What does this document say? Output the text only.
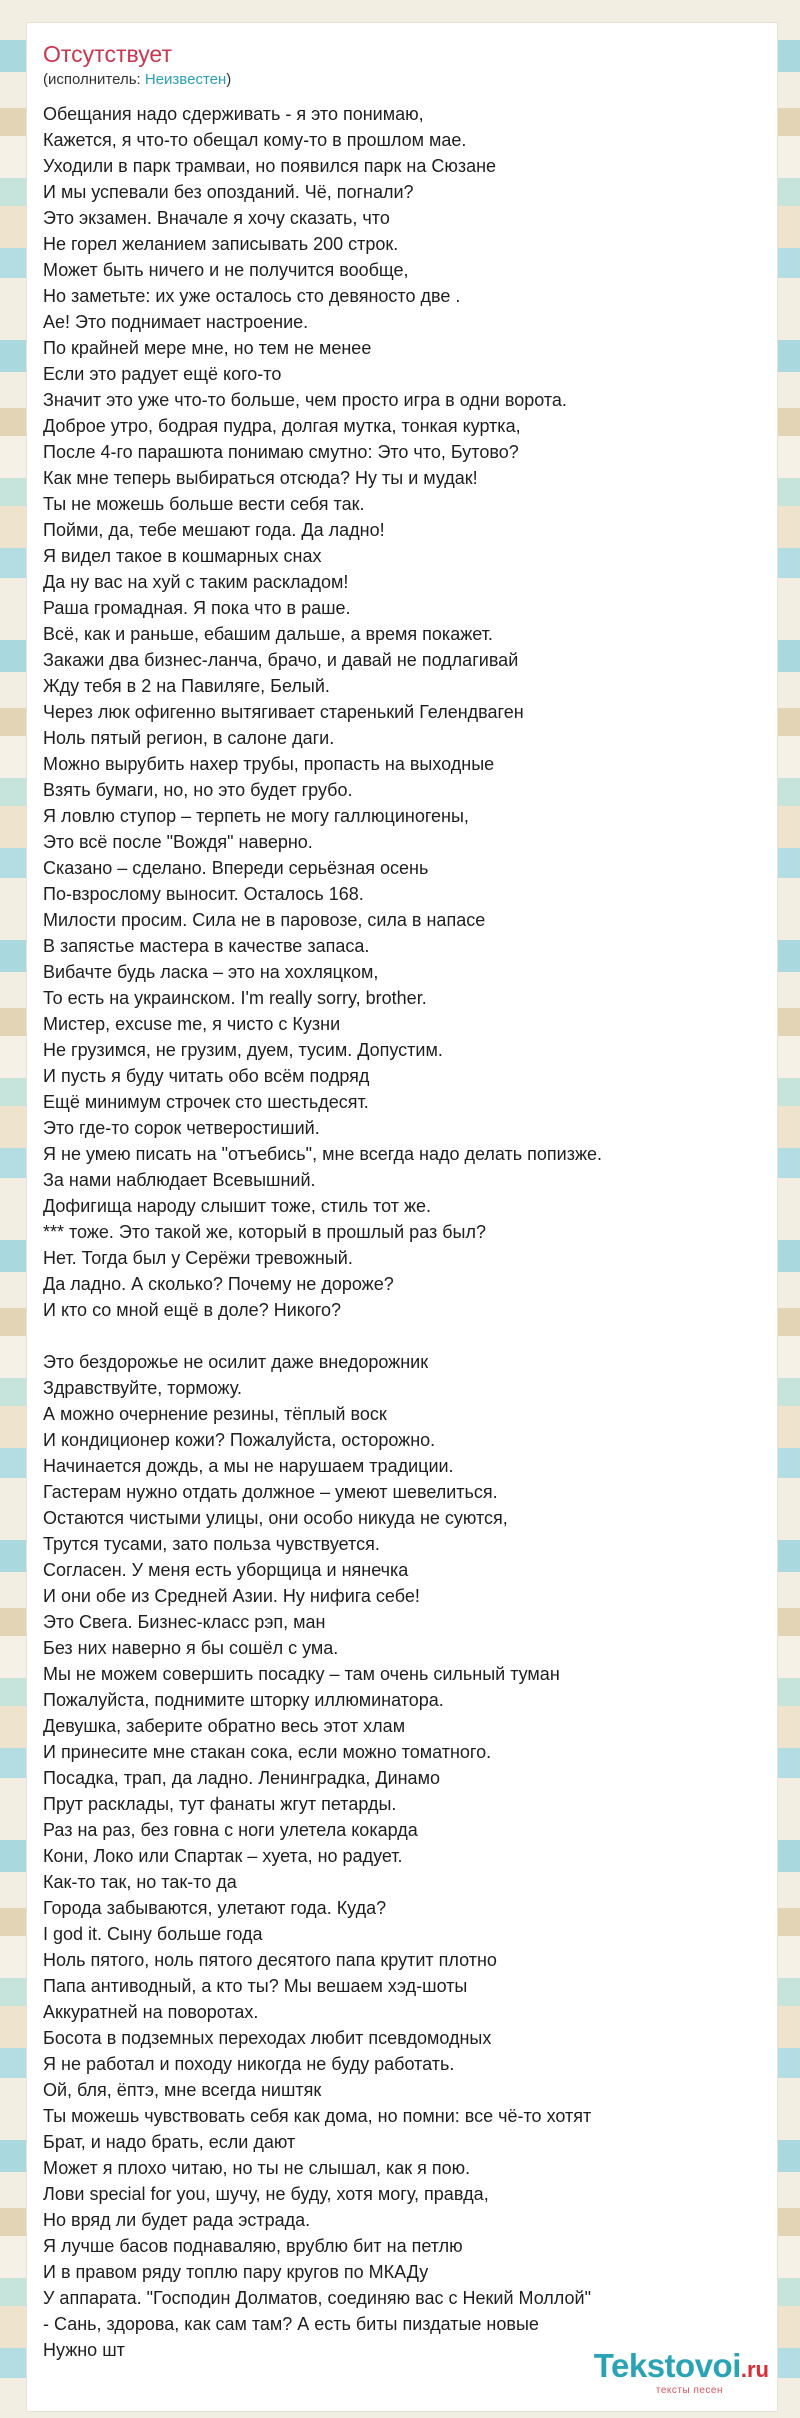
Отсутствует
(исполнитель: Неизвестен)
Обещания надо сдерживать - я это понимаю,
Кажется, я что-то обещал кому-то в прошлом мае.
Уходили в парк трамваи, но появился парк на Сюзане
И мы успевали без опозданий. Чё, погнали?
Это экзамен. Вначале я хочу сказать, что
Не горел желанием записывать 200 строк.
Может быть ничего и не получится вообще,
Но заметьте: их уже осталось сто девяносто две .
Ае! Это поднимает настроение.
По крайней мере мне, но тем не менее
Если это радует ещё кого-то
Значит это уже что-то больше, чем просто игра в одни ворота.
Доброе утро, бодрая пудра, долгая мутка, тонкая куртка,
После 4-го парашюта понимаю смутно: Это что, Бутово?
Как мне теперь выбираться отсюда? Ну ты и мудак!
Ты не можешь больше вести себя так.
Пойми, да, тебе мешают года. Да ладно!
Я видел такое в кошмарных снах
Да ну вас на хуй с таким раскладом!
Раша громадная. Я пока что в раше.
Всё, как и раньше, ебашим дальше, а время покажет.
Закажи два бизнес-ланча, брачо, и давай не подлагивай
Жду тебя в 2 на Павиляге, Белый.
Через люк офигенно вытягивает старенький Гелендваген
Ноль пятый регион, в салоне даги.
Можно вырубить нахер трубы, пропасть на выходные
Взять бумаги, но, но это будет грубо.
Я ловлю ступор – терпеть не могу галлюциногены,
Это всё после "Вождя" наверно.
Сказано – сделано. Впереди серьёзная осень
По-взрослому выносит. Осталось 168.
Милости просим. Сила не в паровозе, сила в напасе
В запястье мастера в качестве запаса.
Вибачте будь ласка – это на хохляцком,
То есть на украинском. I'm really sorry, brother.
Мистер, excuse me, я чисто с Кузни
Не грузимся, не грузим, дуем, тусим. Допустим.
И пусть я буду читать обо всём подряд
Ещё минимум строчек сто шестьдесят.
Это где-то сорок четверостиший.
Я не умею писать на "отъебись", мне всегда надо делать попизже.
За нами наблюдает Всевышний.
Дофигища народу слышит тоже, стиль тот же.
*** тоже. Это такой же, который в прошлый раз был?
Нет. Тогда был у Серёжи тревожный.
Да ладно. А сколько? Почему не дороже?
И кто со мной ещё в доле? Никого?
Это бездорожье не осилит даже внедорожник
Здравствуйте, торможу.
А можно очернение резины, тёплый воск
И кондиционер кожи? Пожалуйста, осторожно.
Начинается дождь, а мы не нарушаем традиции.
Гастерам нужно отдать должное – умеют шевелиться.
Остаются чистыми улицы, они особо никуда не суются,
Трутся тусами, зато польза чувствуется.
Согласен. У меня есть уборщица и нянечка
И они обе из Средней Азии. Ну нифига себе!
Это Свега. Бизнес-класс рэп, ман
Без них наверно я бы сошёл с ума.
Мы не можем совершить посадку – там очень сильный туман
Пожалуйста, поднимите шторку иллюминатора.
Девушка, заберите обратно весь этот хлам
И принесите мне стакан сока, если можно томатного.
Посадка, трап, да ладно. Ленинградка, Динамо
Прут расклады, тут фанаты жгут петарды.
Раз на раз, без говна с ноги улетела кокарда
Кони, Локо или Спартак – хуета, но радует.
Как-то так, но так-то да
Города забываются, улетают года. Куда?
I god it. Сыну больше года
Ноль пятого, ноль пятого десятого папа крутит плотно
Папа антиводный, а кто ты? Мы вешаем хэд-шоты
Аккуратней на поворотах.
Босота в подземных переходах любит псевдомодных
Я не работал и походу никогда не буду работать.
Ой, бля, ёптэ, мне всегда ништяк
Ты можешь чувствовать себя как дома, но помни: все чё-то хотят
Брат, и надо брать, если дают
Может я плохо читаю, но ты не слышал, как я пою.
Лови special for you, шучу, не буду, хотя могу, правда,
Но вряд ли будет рада эстрада.
Я лучше басов поднаваляю, врублю бит на петлю
И в правом ряду топлю пару кругов по МКАДу
У аппарата. "Господин Долматов, соединяю вас с Некий Моллой"
- Сань, здорова, как сам там? А есть биты пиздатые новые
Нужно шт	Tekstovoi.ru
тексты песен
